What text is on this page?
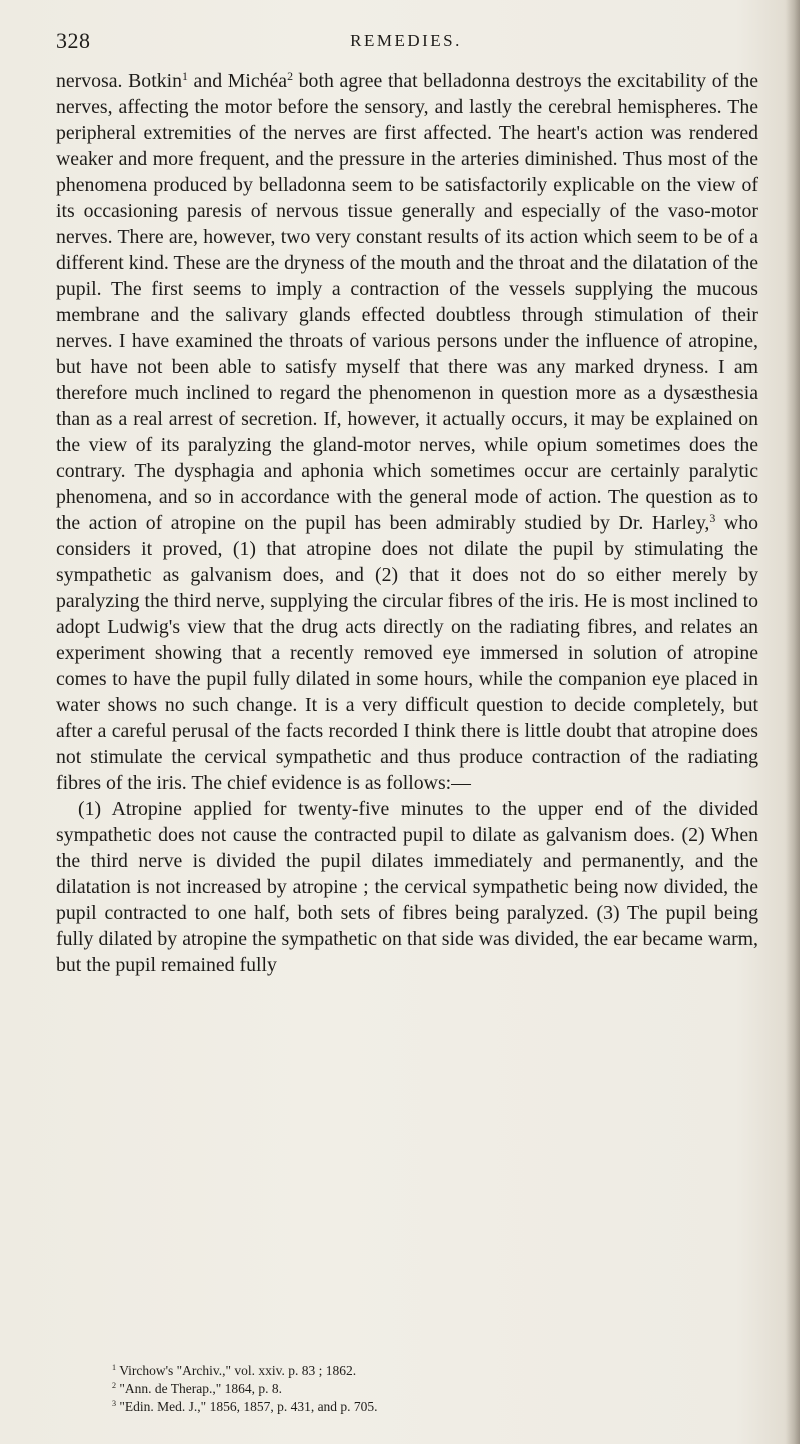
328	REMEDIES.

nervosa. Botkin$^1$ and Michéa$^2$ both agree that belladonna destroys the excitability of the nerves, affecting the motor before the sensory, and lastly the cerebral hemispheres. The peripheral extremities of the nerves are first affected. The heart's action was rendered weaker and more frequent, and the pressure in the arteries diminished. Thus most of the phenomena produced by belladonna seem to be satisfactorily explicable on the view of its occasioning paresis of nervous tissue generally and especially of the vaso-motor nerves. There are, however, two very constant results of its action which seem to be of a different kind. These are the dryness of the mouth and the throat and the dilatation of the pupil. The first seems to imply a contraction of the vessels supplying the mucous membrane and the salivary glands effected doubtless through stimulation of their nerves. I have examined the throats of various persons under the influence of atropine, but have not been able to satisfy myself that there was any marked dryness. I am therefore much inclined to regard the phenomenon in question more as a dysæsthesia than as a real arrest of secretion. If, however, it actually occurs, it may be explained on the view of its paralyzing the gland-motor nerves, while opium sometimes does the contrary. The dysphagia and aphonia which sometimes occur are certainly paralytic phenomena, and so in accordance with the general mode of action. The question as to the action of atropine on the pupil has been admirably studied by Dr. Harley,$^3$ who considers it proved, (1) that atropine does not dilate the pupil by stimulating the sympathetic as galvanism does, and (2) that it does not do so either merely by paralyzing the third nerve, supplying the circular fibres of the iris. He is most inclined to adopt Ludwig's view that the drug acts directly on the radiating fibres, and relates an experiment showing that a recently removed eye immersed in solution of atropine comes to have the pupil fully dilated in some hours, while the companion eye placed in water shows no such change. It is a very difficult question to decide completely, but after a careful perusal of the facts recorded I think there is little doubt that atropine does not stimulate the cervical sympathetic and thus produce contraction of the radiating fibres of the iris. The chief evidence is as follows:—

(1) Atropine applied for twenty-five minutes to the upper end of the divided sympathetic does not cause the contracted pupil to dilate as galvanism does. (2) When the third nerve is divided the pupil dilates immediately and permanently, and the dilatation is not increased by atropine ; the cervical sympathetic being now divided, the pupil contracted to one half, both sets of fibres being paralyzed. (3) The pupil being fully dilated by atropine the sympathetic on that side was divided, the ear became warm, but the pupil remained fully

$^1$ Virchow's "Archiv.," vol. xxiv. p. 83 ; 1862.
$^2$ "Ann. de Therap.," 1864, p. 8.
$^3$ "Edin. Med. J.," 1856, 1857, p. 431, and p. 705.
